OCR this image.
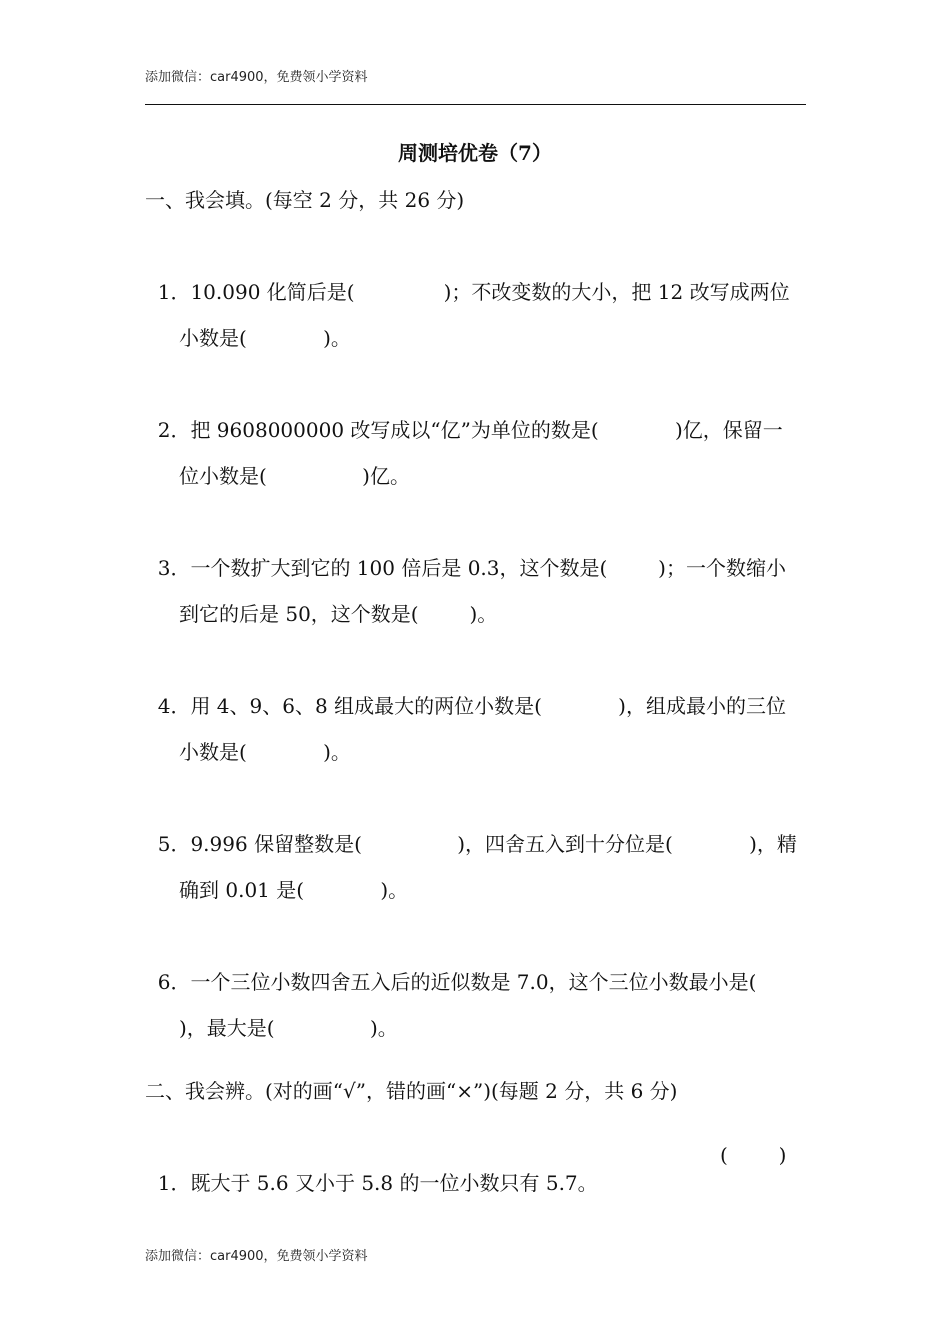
添加微信：car4900，免费领小学资料
周测培优卷（7）
一、我会填。(每空 2 分，共 26 分)

1．10.090 化简后是(              )；不改变数的大小，把 12 改写成两位

小数是(            )。

2．把 9608000000 改写成以“亿”为单位的数是(            )亿，保留一

位小数是(               )亿。

3．一个数扩大到它的 100 倍后是 0.3，这个数是(        )；一个数缩小

到它的后是 50，这个数是(        )。

4．用 4、9、6、8 组成最大的两位小数是(            )，组成最小的三位

小数是(            )。

5．9.996 保留整数是(               )，四舍五入到十分位是(            )，精

确到 0.01 是(            )。

6．一个三位小数四舍五入后的近似数是 7.0，这个三位小数最小是(

)，最大是(               )。
二、我会辨。(对的画“√”，错的画“×”)(每题 2 分，共 6 分)

1．既大于 5.6 又小于 5.8 的一位小数只有 5.7。

(        )
添加微信：car4900，免费领小学资料
